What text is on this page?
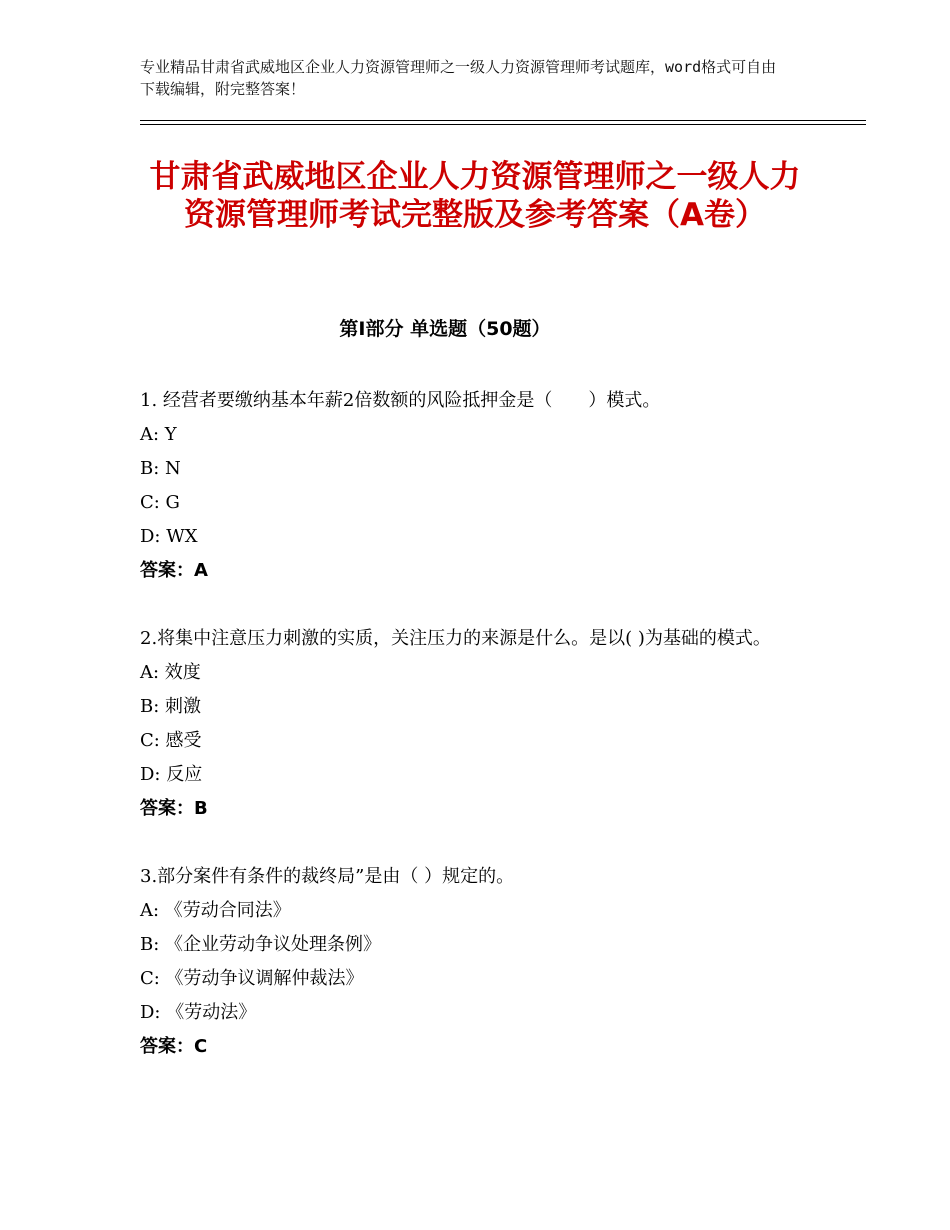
专业精品甘肃省武威地区企业人力资源管理师之一级人力资源管理师考试题库，word格式可自由下载编辑，附完整答案！
甘肃省武威地区企业人力资源管理师之一级人力资源管理师考试完整版及参考答案（A卷）
第Ⅰ部分 单选题（50题）
1. 经营者要缴纳基本年薪2倍数额的风险抵押金是（　　）模式。
A: Y
B: N
C: G
D: WX
答案：A
2.将集中注意压力刺激的实质，关注压力的来源是什么。是以( )为基础的模式。
A: 效度
B: 刺激
C: 感受
D: 反应
答案：B
3.部分案件有条件的裁终局”是由（ ）规定的。
A: 《劳动合同法》
B: 《企业劳动争议处理条例》
C: 《劳动争议调解仲裁法》
D: 《劳动法》
答案：C
